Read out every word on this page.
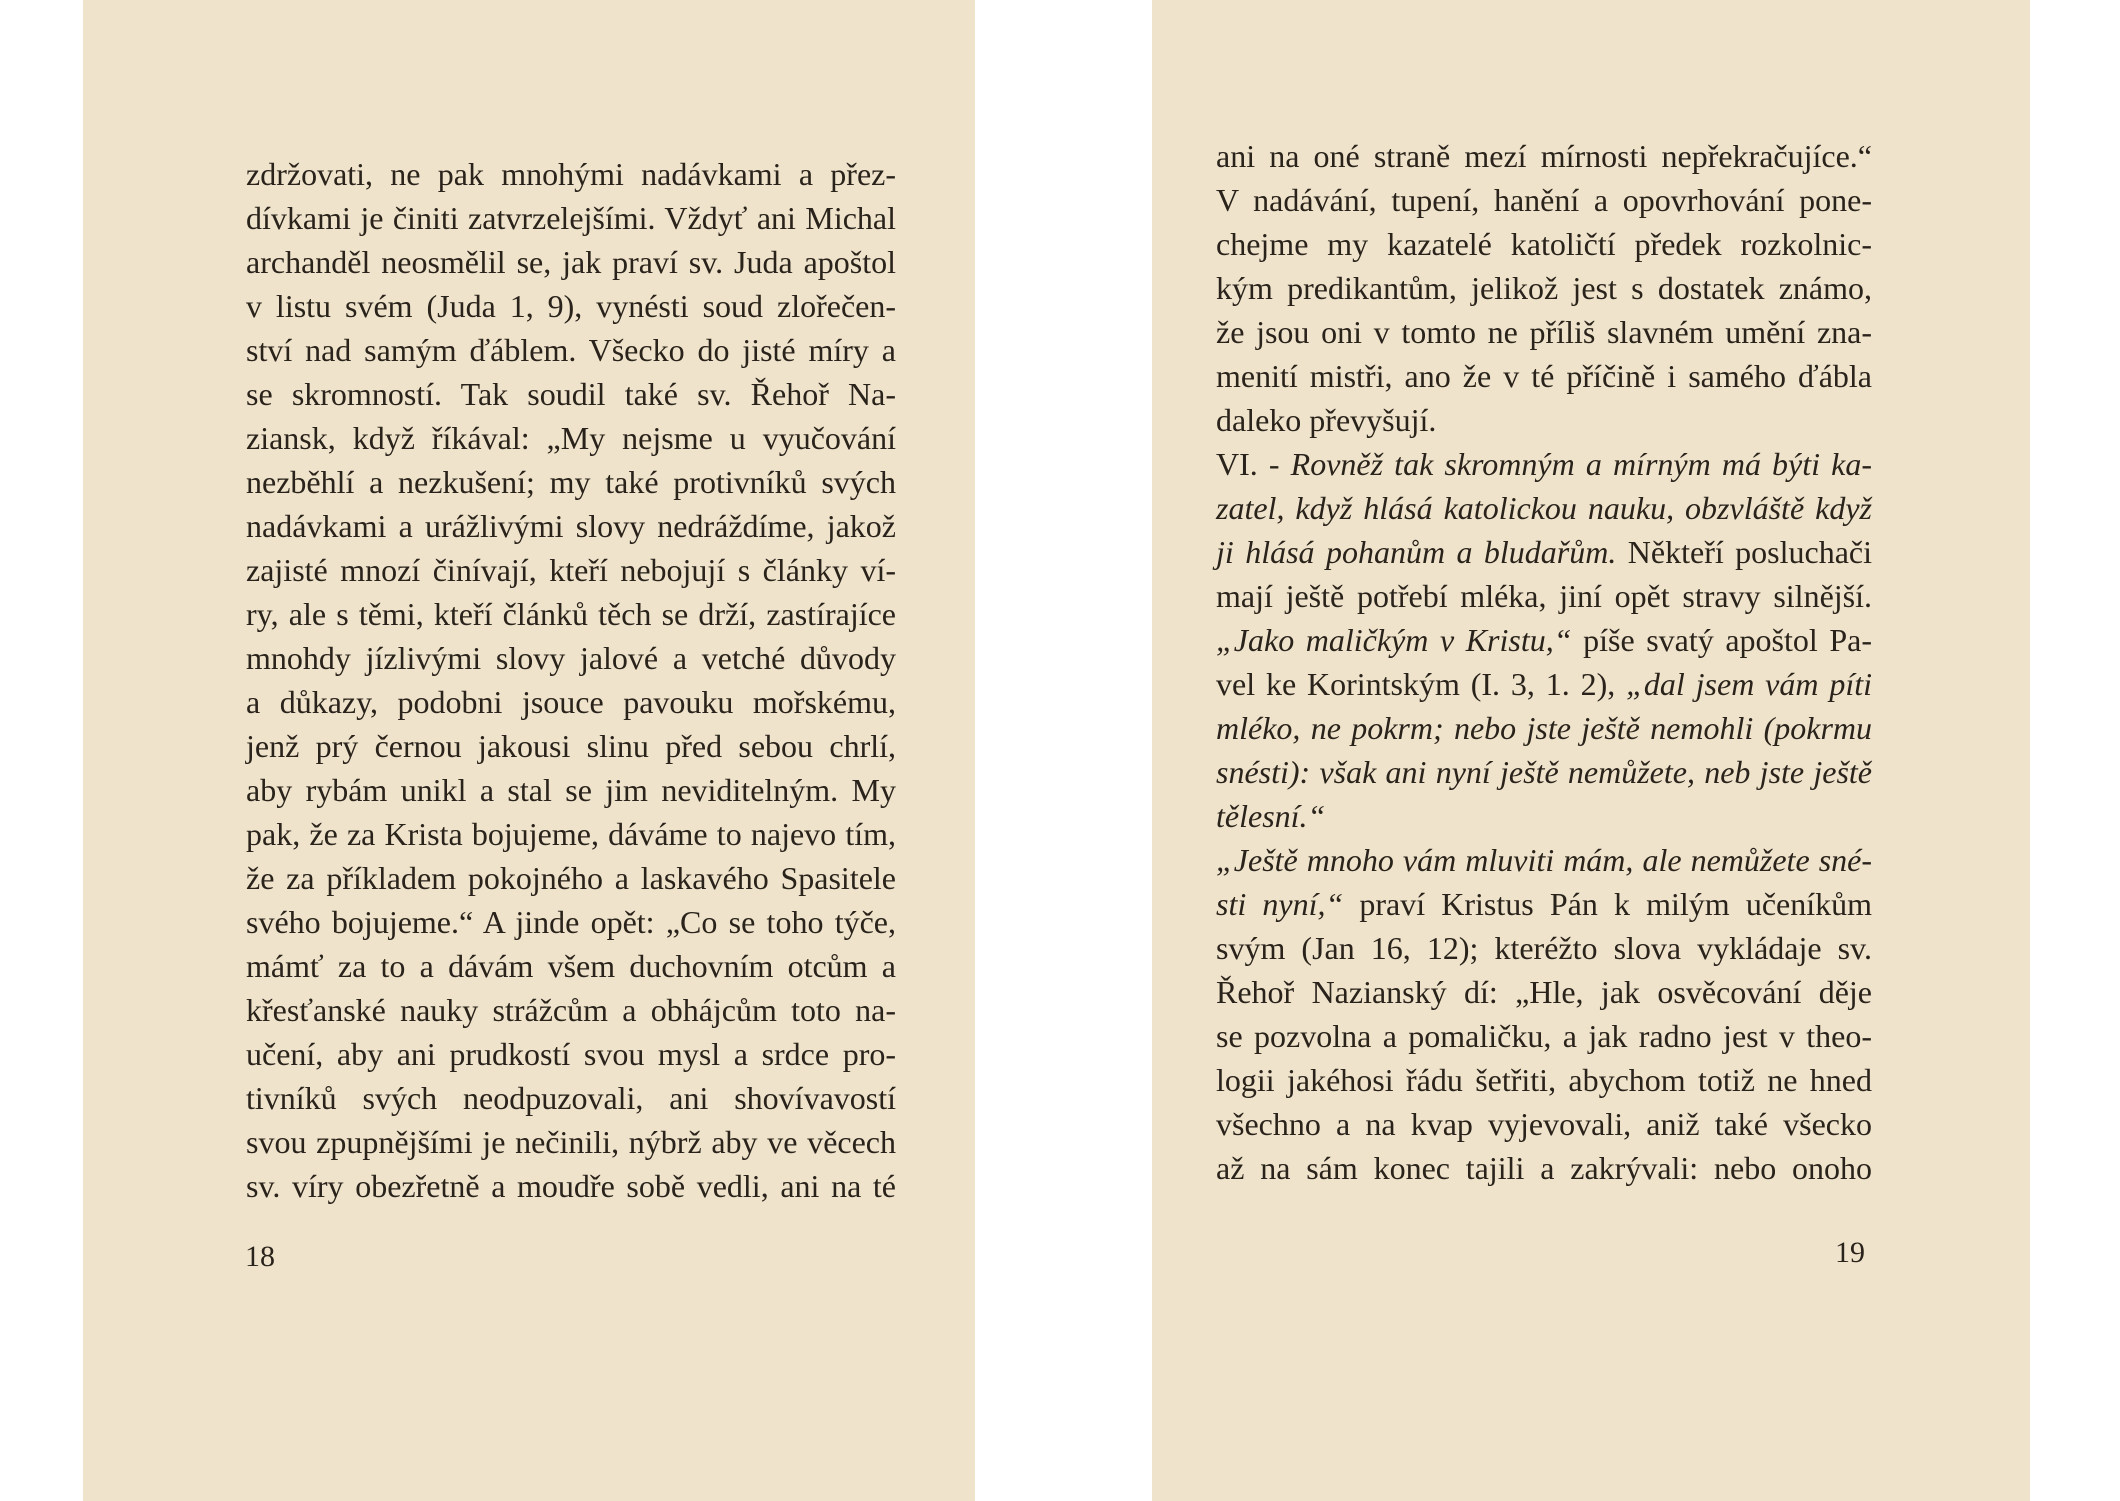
zdržovati, ne pak mnohými nadávkami a přez-
dívkami je činiti zatvrzelejšími. Vždyť ani Michal
archanděl neosmělil se, jak praví sv. Juda apoštol
v listu svém (Juda 1, 9), vynésti soud zlořečen-
ství nad samým ďáblem. Všecko do jisté míry a
se skromností. Tak soudil také sv. Řehoř Na-
ziansk, když říkával: „My nejsme u vyučování
nezběhlí a nezkušení; my také protivníků svých
nadávkami a urážlivými slovy nedráždíme, jakož
zajisté mnozí činívají, kteří nebojují s články ví-
ry, ale s těmi, kteří článků těch se drží, zastírajíce
mnohdy jízlivými slovy jalové a vetché důvody
a důkazy, podobni jsouce pavouku mořskému,
jenž prý černou jakousi slinu před sebou chrlí,
aby rybám unikl a stal se jim neviditelným. My
pak, že za Krista bojujeme, dáváme to najevo tím,
že za příkladem pokojného a laskavého Spasitele
svého bojujeme.“ A jinde opět: „Co se toho týče,
mámť za to a dávám všem duchovním otcům a
křesťanské nauky strážcům a obhájcům toto na-
učení, aby ani prudkostí svou mysl a srdce pro-
tivníků svých neodpuzovali, ani shovívavostí
svou zpupnějšími je nečinili, nýbrž aby ve věcech
sv. víry obezřetně a moudře sobě vedli, ani na té
18
ani na oné straně mezí mírnosti nepřekračujíce.“
V nadávání, tupení, hanění a opovrhování pone-
chejme my kazatelé katoličtí předek rozkolnic-
kým predikantům, jelikož jest s dostatek známo,
že jsou oni v tomto ne příliš slavném umění zna-
menití mistři, ano že v té příčině i samého ďábla
daleko převyšují.
VI. - Rovněž tak skromným a mírným má býti ka-
zatel, když hlásá katolickou nauku, obzvláště když
ji hlásá pohanům a bludařům. Někteří posluchači
mají ještě potřebí mléka, jiní opět stravy silnější.
„Jako maličkým v Kristu,“ píše svatý apoštol Pa-
vel ke Korintským (I. 3, 1. 2), „dal jsem vám píti
mléko, ne pokrm; nebo jste ještě nemohli (pokrmu
snésti): však ani nyní ještě nemůžete, neb jste ještě
tělesní.“
„Ještě mnoho vám mluviti mám, ale nemůžete sné-
sti nyní,“ praví Kristus Pán k milým učeníkům
svým (Jan 16, 12); kteréžto slova vykládaje sv.
Řehoř Nazianský dí: „Hle, jak osvěcování děje
se pozvolna a pomaličku, a jak radno jest v theo-
logii jakéhosi řádu šetřiti, abychom totiž ne hned
všechno a na kvap vyjevovali, aniž také všecko
až na sám konec tajili a zakrývali: nebo onoho
19
